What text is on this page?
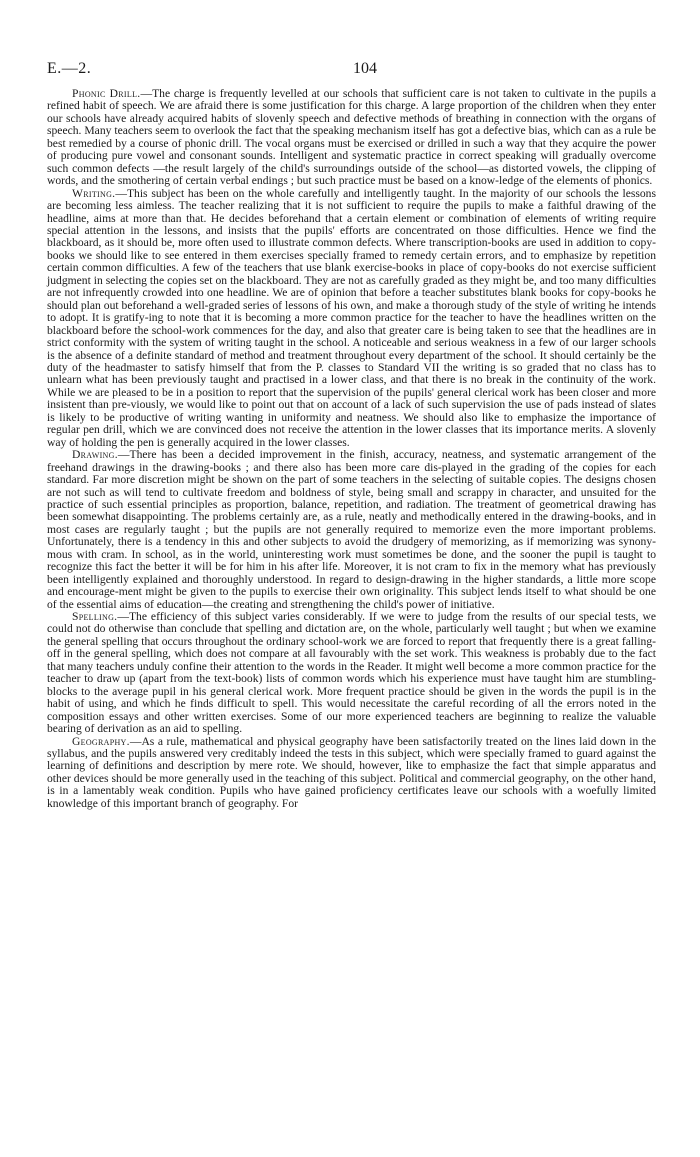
E.—2.	104

Phonic Drill.—The charge is frequently levelled at our schools that sufficient care is not taken to cultivate in the pupils a refined habit of speech. We are afraid there is some justification for this charge. A large proportion of the children when they enter our schools have already acquired habits of slovenly speech and defective methods of breathing in connection with the organs of speech. Many teachers seem to overlook the fact that the speaking mechanism itself has got a defective bias, which can as a rule be best remedied by a course of phonic drill. The vocal organs must be exercised or drilled in such a way that they acquire the power of producing pure vowel and consonant sounds. Intelligent and systematic practice in correct speaking will gradually overcome such common defects —the result largely of the child's surroundings outside of the school—as distorted vowels, the clipping of words, and the smothering of certain verbal endings ; but such practice must be based on a know-ledge of the elements of phonics.

Writing.—This subject has been on the whole carefully and intelligently taught. In the majority of our schools the lessons are becoming less aimless. The teacher realizing that it is not sufficient to require the pupils to make a faithful drawing of the headline, aims at more than that. He decides beforehand that a certain element or combination of elements of writing require special attention in the lessons, and insists that the pupils' efforts are concentrated on those difficulties. Hence we find the blackboard, as it should be, more often used to illustrate common defects. Where transcription-books are used in addition to copy-books we should like to see entered in them exercises specially framed to remedy certain errors, and to emphasize by repetition certain common difficulties. A few of the teachers that use blank exercise-books in place of copy-books do not exercise sufficient judgment in selecting the copies set on the blackboard. They are not as carefully graded as they might be, and too many difficulties are not infrequently crowded into one headline. We are of opinion that before a teacher substitutes blank books for copy-books he should plan out beforehand a well-graded series of lessons of his own, and make a thorough study of the style of writing he intends to adopt. It is gratify-ing to note that it is becoming a more common practice for the teacher to have the headlines written on the blackboard before the school-work commences for the day, and also that greater care is being taken to see that the headlines are in strict conformity with the system of writing taught in the school. A noticeable and serious weakness in a few of our larger schools is the absence of a definite standard of method and treatment throughout every department of the school. It should certainly be the duty of the headmaster to satisfy himself that from the P. classes to Standard VII the writing is so graded that no class has to unlearn what has been previously taught and practised in a lower class, and that there is no break in the continuity of the work. While we are pleased to be in a position to report that the supervision of the pupils' general clerical work has been closer and more insistent than pre-viously, we would like to point out that on account of a lack of such supervision the use of pads instead of slates is likely to be productive of writing wanting in uniformity and neatness. We should also like to emphasize the importance of regular pen drill, which we are convinced does not receive the attention in the lower classes that its importance merits. A slovenly way of holding the pen is generally acquired in the lower classes.

Drawing.—There has been a decided improvement in the finish, accuracy, neatness, and systematic arrangement of the freehand drawings in the drawing-books ; and there also has been more care dis-played in the grading of the copies for each standard. Far more discretion might be shown on the part of some teachers in the selecting of suitable copies. The designs chosen are not such as will tend to cultivate freedom and boldness of style, being small and scrappy in character, and unsuited for the practice of such essential principles as proportion, balance, repetition, and radiation. The treatment of geometrical drawing has been somewhat disappointing. The problems certainly are, as a rule, neatly and methodically entered in the drawing-books, and in most cases are regularly taught ; but the pupils are not generally required to memorize even the more important problems. Unfortunately, there is a tendency in this and other subjects to avoid the drudgery of memorizing, as if memorizing was synony-mous with cram. In school, as in the world, uninteresting work must sometimes be done, and the sooner the pupil is taught to recognize this fact the better it will be for him in his after life. Moreover, it is not cram to fix in the memory what has previously been intelligently explained and thoroughly understood. In regard to design-drawing in the higher standards, a little more scope and encourage-ment might be given to the pupils to exercise their own originality. This subject lends itself to what should be one of the essential aims of education—the creating and strengthening the child's power of initiative.

Spelling.—The efficiency of this subject varies considerably. If we were to judge from the results of our special tests, we could not do otherwise than conclude that spelling and dictation are, on the whole, particularly well taught ; but when we examine the general spelling that occurs throughout the ordinary school-work we are forced to report that frequently there is a great falling-off in the general spelling, which does not compare at all favourably with the set work. This weakness is probably due to the fact that many teachers unduly confine their attention to the words in the Reader. It might well become a more common practice for the teacher to draw up (apart from the text-book) lists of common words which his experience must have taught him are stumbling-blocks to the average pupil in his general clerical work. More frequent practice should be given in the words the pupil is in the habit of using, and which he finds difficult to spell. This would necessitate the careful recording of all the errors noted in the composition essays and other written exercises. Some of our more experienced teachers are beginning to realize the valuable bearing of derivation as an aid to spelling.

Geography.—As a rule, mathematical and physical geography have been satisfactorily treated on the lines laid down in the syllabus, and the pupils answered very creditably indeed the tests in this subject, which were specially framed to guard against the learning of definitions and description by mere rote. We should, however, like to emphasize the fact that simple apparatus and other devices should be more generally used in the teaching of this subject. Political and commercial geography, on the other hand, is in a lamentably weak condition. Pupils who have gained proficiency certificates leave our schools with a woefully limited knowledge of this important branch of geography. For
